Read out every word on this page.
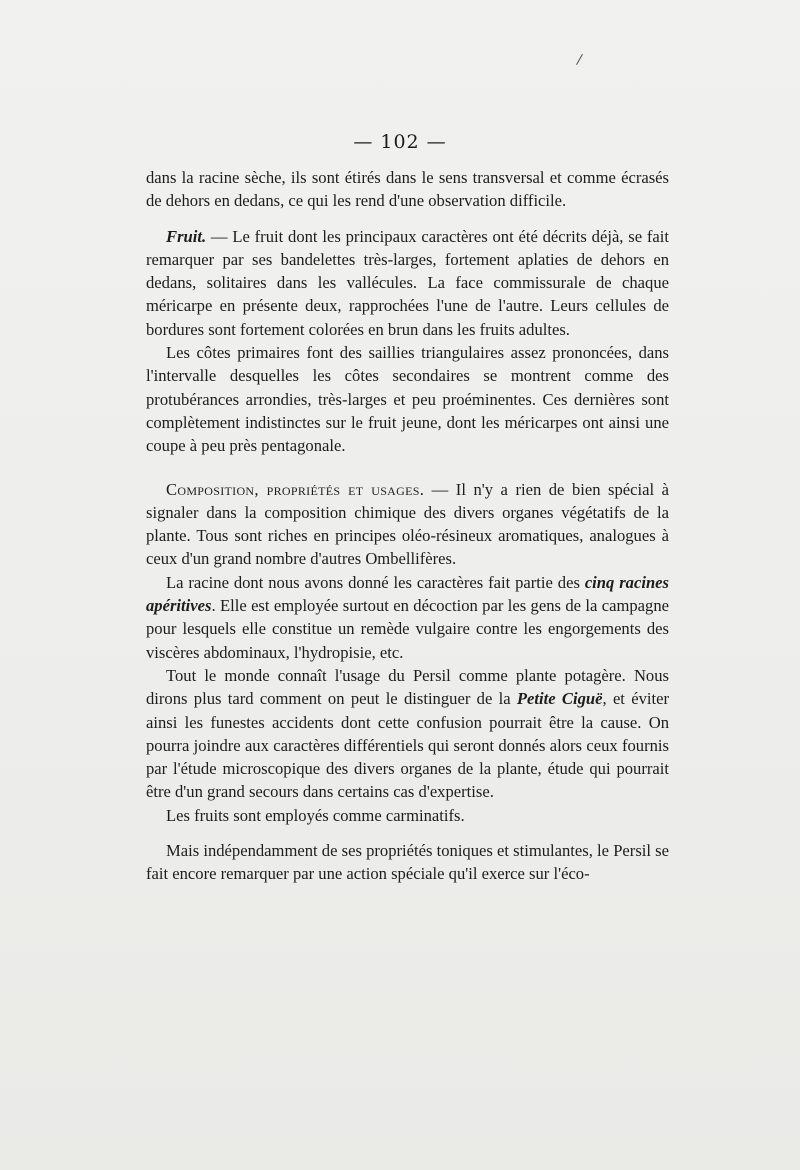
/
— 102 —

dans la racine sèche, ils sont étirés dans le sens transversal et comme écrasés de dehors en dedans, ce qui les rend d'une observation difficile.

Fruit. — Le fruit dont les principaux caractères ont été décrits déjà, se fait remarquer par ses bandelettes très-larges, fortement aplaties de dehors en dedans, solitaires dans les vallécules. La face commissurale de chaque méricarpe en présente deux, rapprochées l'une de l'autre. Leurs cellules de bordures sont fortement colorées en brun dans les fruits adultes.

Les côtes primaires font des saillies triangulaires assez prononcées, dans l'intervalle desquelles les côtes secondaires se montrent comme des protubérances arrondies, très-larges et peu proéminentes. Ces dernières sont complètement indistinctes sur le fruit jeune, dont les méricarpes ont ainsi une coupe à peu près pentagonale.

Composition, propriétés et usages. — Il n'y a rien de bien spécial à signaler dans la composition chimique des divers organes végétatifs de la plante. Tous sont riches en principes oléo-résineux aromatiques, analogues à ceux d'un grand nombre d'autres Ombellifères.

La racine dont nous avons donné les caractères fait partie des cinq racines apéritives. Elle est employée surtout en décoction par les gens de la campagne pour lesquels elle constitue un remède vulgaire contre les engorgements des viscères abdominaux, l'hydropisie, etc.

Tout le monde connaît l'usage du Persil comme plante potagère. Nous dirons plus tard comment on peut le distinguer de la Petite Ciguë, et éviter ainsi les funestes accidents dont cette confusion pourrait être la cause. On pourra joindre aux caractères différentiels qui seront donnés alors ceux fournis par l'étude microscopique des divers organes de la plante, étude qui pourrait être d'un grand secours dans certains cas d'expertise.

Les fruits sont employés comme carminatifs.

Mais indépendamment de ses propriétés toniques et stimulantes, le Persil se fait encore remarquer par une action spéciale qu'il exerce sur l'éco-
